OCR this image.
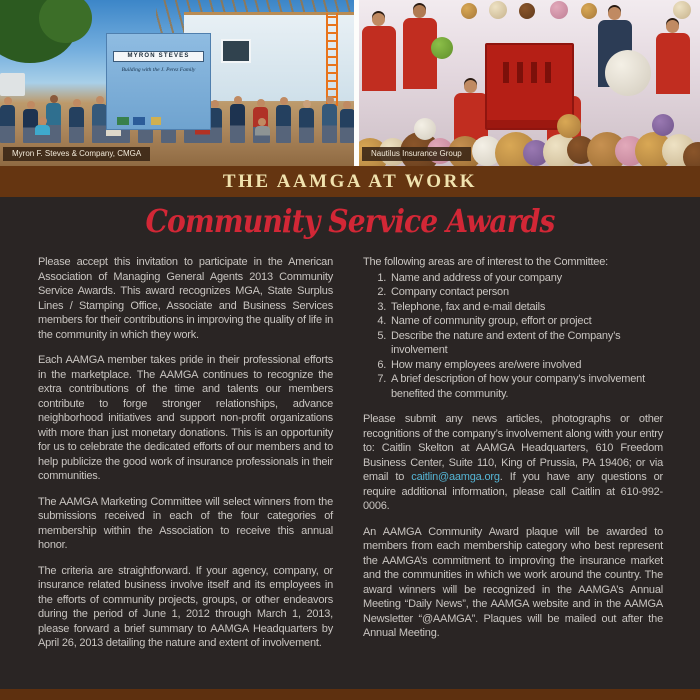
MYRON STEVES
Building with the J. Perez Family
Myron F. Steves & Company, CMGA	Nautilus Insurance Group
THE AAMGA AT WORK
Community Service Awards

Please accept this invitation to participate in the American Association of Managing General Agents 2013 Community Service Awards. This award recognizes MGA, State Surplus Lines / Stamping Office, Associate and Business Services members for their contributions in improving the quality of life in the community in which they work.

Each AAMGA member takes pride in their professional efforts in the marketplace. The AAMGA continues to recognize the extra contributions of the time and talents our members contribute to forge stronger relationships, advance neighborhood initiatives and support non-profit organizations with more than just monetary donations. This is an opportunity for us to celebrate the dedicated efforts of our members and to help publicize the good work of insurance professionals in their communities.

The AAMGA Marketing Committee will select winners from the submissions received in each of the four categories of membership within the Association to receive this annual honor.

The criteria are straightforward. If your agency, company, or insurance related business involve itself and its employees in the efforts of community projects, groups, or other endeavors during the period of June 1, 2012 through March 1, 2013, please forward a brief summary to AAMGA Headquarters by April 26, 2013 detailing the nature and extent of involvement.

The following areas are of interest to the Committee:

1. Name and address of your company
2. Company contact person
3. Telephone, fax and e-mail details
4. Name of community group, effort or project
5. Describe the nature and extent of the Company’s involvement
6. How many employees are/were involved
7. A brief description of how your company’s involvement benefited the community.

Please submit any news articles, photographs or other recognitions of the company’s involvement along with your entry to: Caitlin Skelton at AAMGA Headquarters, 610 Freedom Business Center, Suite 110, King of Prussia, PA 19406; or via email to caitlin@aamga.org. If you have any questions or require additional information, please call Caitlin at 610-992-0006.

An AAMGA Community Award plaque will be awarded to members from each membership category who best represent the AAMGA’s commitment to improving the insurance market and the communities in which we work around the country. The award winners will be recognized in the AAMGA’s Annual Meeting “Daily News”, the AAMGA website and in the AAMGA Newsletter “@AAMGA”. Plaques will be mailed out after the Annual Meeting.
